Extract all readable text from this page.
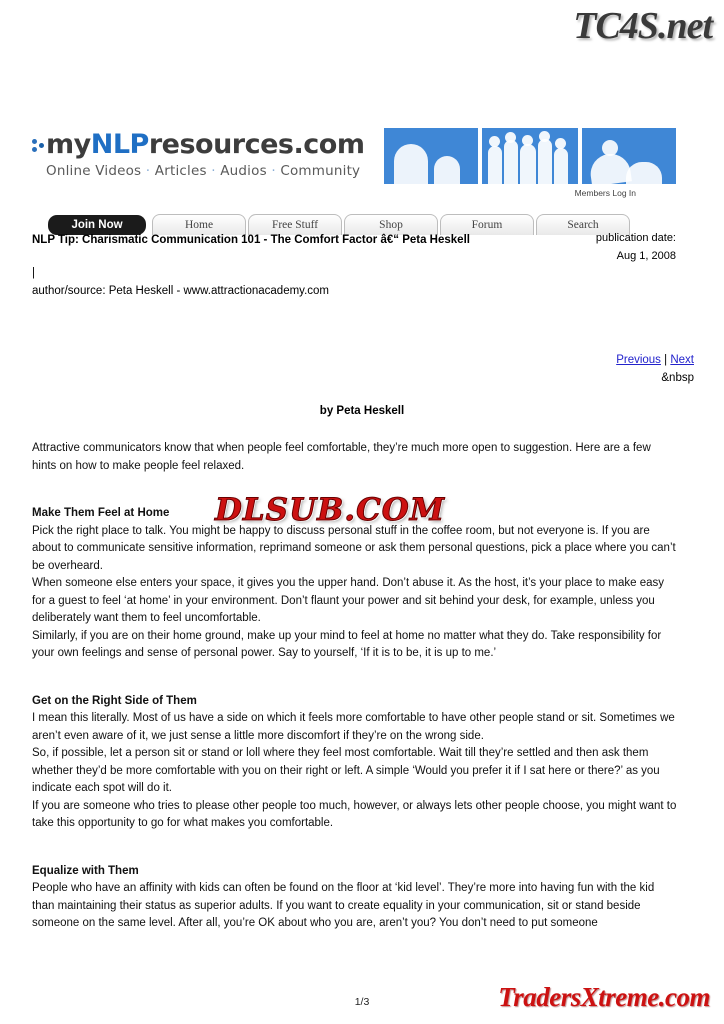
TC4S.net
myNLPresources.com
Online Videos · Articles · Audios · Community
Members Log In
Join Now	Home	Free Stuff	Shop	Forum	Search
NLP Tip: Charismatic Communication 101 - The Comfort Factor â€“ Peta Heskell	publication date:
Aug 1, 2008
|
author/source: Peta Heskell - www.attractionacademy.com
Previous | Next
&nbsp
by Peta Heskell

Attractive communicators know that when people feel comfortable, they’re much more open to suggestion. Here are a few hints on how to make people feel relaxed.

Make Them Feel at Home

Pick the right place to talk. You might be happy to discuss personal stuff in the coffee room, but not everyone is. If you are about to communicate sensitive information, reprimand someone or ask them personal questions, pick a place where you can’t be overheard.

When someone else enters your space, it gives you the upper hand. Don’t abuse it. As the host, it’s your place to make easy for a guest to feel ‘at home’ in your environment. Don’t flaunt your power and sit behind your desk, for example, unless you deliberately want them to feel uncomfortable.

Similarly, if you are on their home ground, make up your mind to feel at home no matter what they do. Take responsibility for your own feelings and sense of personal power. Say to yourself, ‘If it is to be, it is up to me.’

Get on the Right Side of Them

I mean this literally. Most of us have a side on which it feels more comfortable to have other people stand or sit. Sometimes we aren’t even aware of it, we just sense a little more discomfort if they’re on the wrong side.

So, if possible, let a person sit or stand or loll where they feel most comfortable. Wait till they’re settled and then ask them whether they’d be more comfortable with you on their right or left. A simple ‘Would you prefer it if I sat here or there?’ as you indicate each spot will do it.

If you are someone who tries to please other people too much, however, or always lets other people choose, you might want to take this opportunity to go for what makes you comfortable.

Equalize with Them

People who have an affinity with kids can often be found on the floor at ‘kid level’. They’re more into having fun with the kid than maintaining their status as superior adults. If you want to create equality in your communication, sit or stand beside someone on the same level. After all, you’re OK about who you are, aren’t you? You don’t need to put someone

DLSUB.COM
1/3	TradersXtreme.com
